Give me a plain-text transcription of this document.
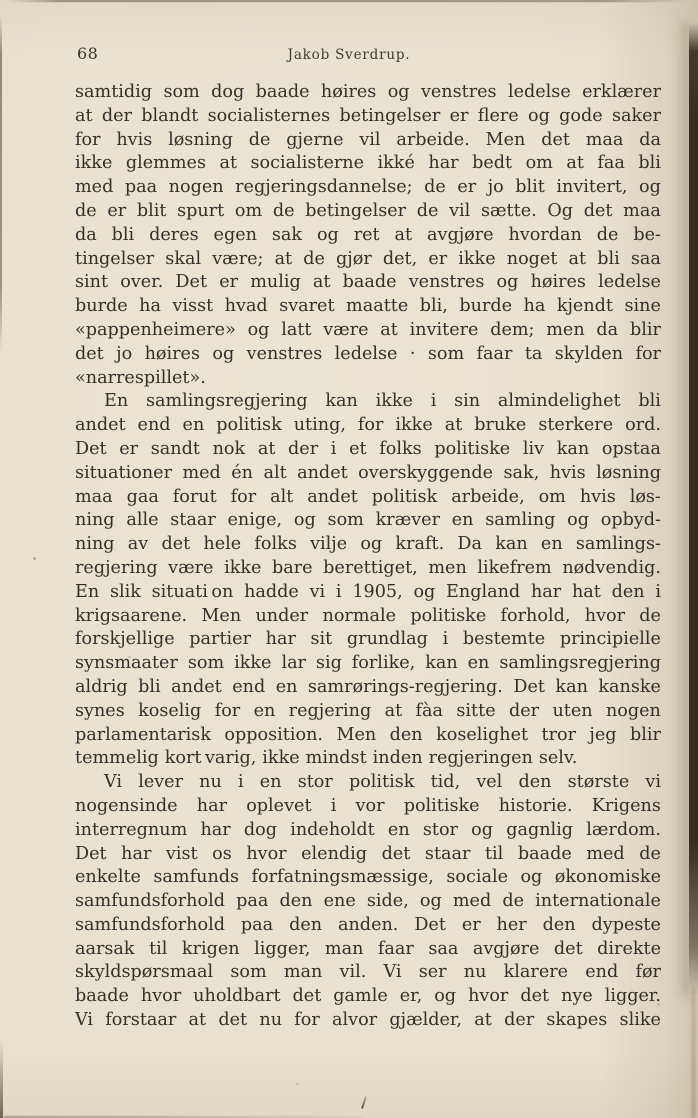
68	Jakob Sverdrup.
samtidig som dog baade høires og venstres ledelse erklærer
at der blandt socialisternes betingelser er flere og gode saker
for hvis løsning de gjerne vil arbeide. Men det maa da
ikke glemmes at socialisterne ikké har bedt om at faa bli
med paa nogen regjeringsdannelse; de er jo blit invitert, og
de er blit spurt om de betingelser de vil sætte. Og det maa
da bli deres egen sak og ret at avgjøre hvordan de be-
tingelser skal være; at de gjør det, er ikke noget at bli saa
sint over. Det er mulig at baade venstres og høires ledelse
burde ha visst hvad svaret maatte bli, burde ha kjendt sine
«pappenheimere» og latt være at invitere dem; men da blir
det jo høires og venstres ledelse · som faar ta skylden for
«narrespillet».
En samlingsregjering kan ikke i sin almindelighet bli
andet end en politisk uting, for ikke at bruke sterkere ord.
Det er sandt nok at der i et folks politiske liv kan opstaa
situationer med én alt andet overskyggende sak, hvis løsning
maa gaa forut for alt andet politisk arbeide, om hvis løs-
ning alle staar enige, og som kræver en samling og opbyd-
ning av det hele folks vilje og kraft. Da kan en samlings-
regjering være ikke bare berettiget, men likefrem nødvendig.
En slik situati on hadde vi i 1905, og England har hat den i
krigsaarene. Men under normale politiske forhold, hvor de
forskjellige partier har sit grundlag i bestemte principielle
synsmaater som ikke lar sig forlike, kan en samlingsregjering
aldrig bli andet end en samrørings-regjering. Det kan kanske
synes koselig for en regjering at fàa sitte der uten nogen
parlamentarisk opposition. Men den koselighet tror jeg blir
temmelig kort varig, ikke mindst inden regjeringen selv.
Vi lever nu i en stor politisk tid, vel den største vi
nogensinde har oplevet i vor politiske historie. Krigens
interregnum har dog indeholdt en stor og gagnlig lærdom.
Det har vist os hvor elendig det staar til baade med de
enkelte samfunds forfatningsmæssige, sociale og økonomiske
samfundsforhold paa den ene side, og med de internationale
samfundsforhold paa den anden. Det er her den dypeste
aarsak til krigen ligger, man faar saa avgjøre det direkte
skyldspørsmaal som man vil. Vi ser nu klarere end før
baade hvor uholdbart det gamle er, og hvor det nye ligger.
Vi forstaar at det nu for alvor gjælder, at der skapes slike
